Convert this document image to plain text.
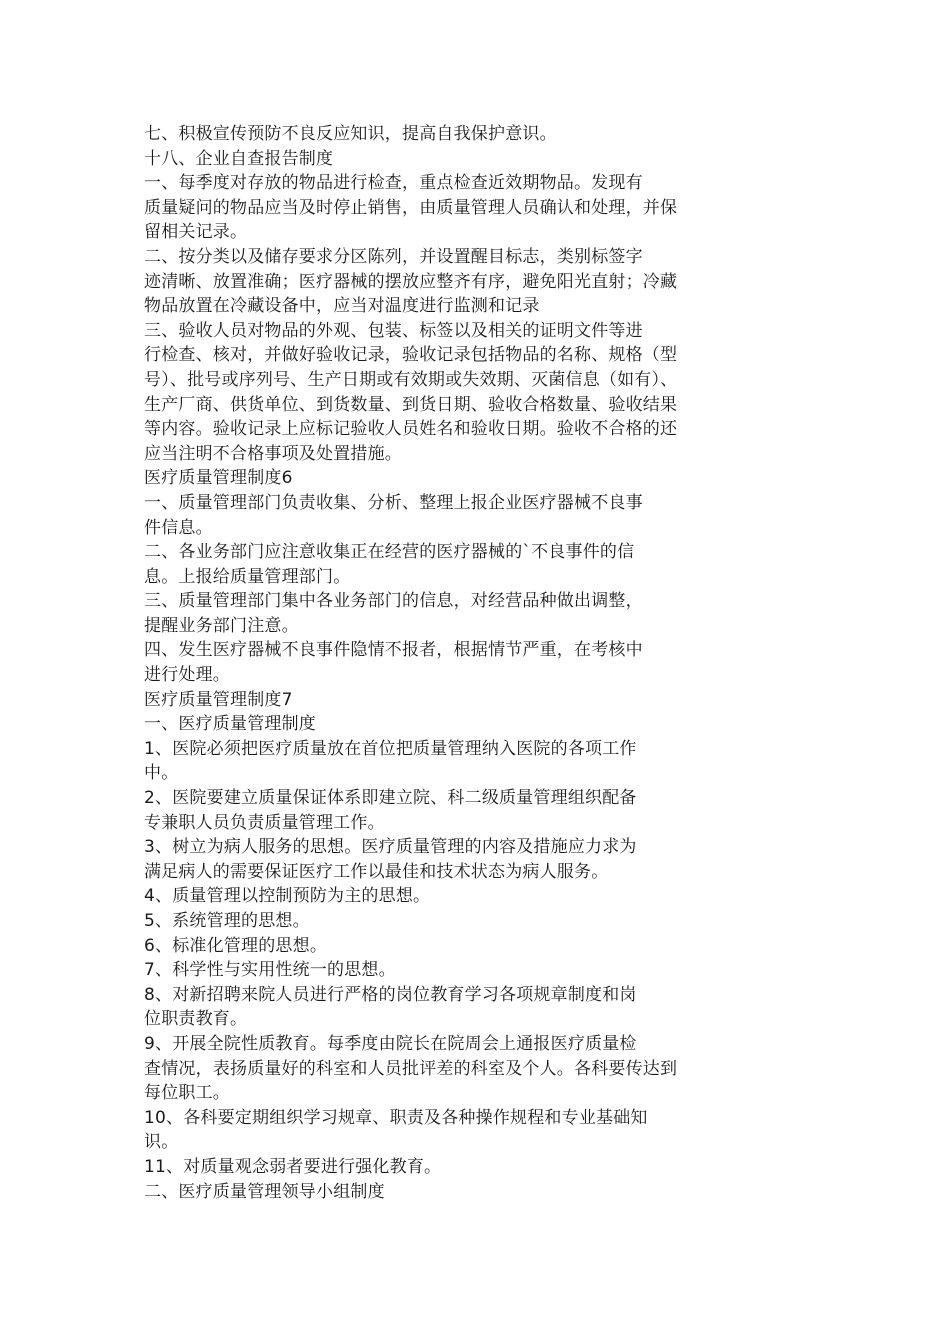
七、积极宣传预防不良反应知识，提高自我保护意识。
十八、企业自查报告制度
一、每季度对存放的物品进行检查，重点检查近效期物品。发现有
质量疑问的物品应当及时停止销售，由质量管理人员确认和处理，并保
留相关记录。
二、按分类以及储存要求分区陈列，并设置醒目标志，类别标签字
迹清晰、放置准确；医疗器械的摆放应整齐有序，避免阳光直射；冷藏
物品放置在冷藏设备中，应当对温度进行监测和记录
三、验收人员对物品的外观、包装、标签以及相关的证明文件等进
行检查、核对，并做好验收记录，验收记录包括物品的名称、规格（型
号）、批号或序列号、生产日期或有效期或失效期、灭菌信息（如有）、
生产厂商、供货单位、到货数量、到货日期、验收合格数量、验收结果
等内容。验收记录上应标记验收人员姓名和验收日期。验收不合格的还
应当注明不合格事项及处置措施。
医疗质量管理制度6
一、质量管理部门负责收集、分析、整理上报企业医疗器械不良事
件信息。
二、各业务部门应注意收集正在经营的医疗器械的`不良事件的信
息。上报给质量管理部门。
三、质量管理部门集中各业务部门的信息，对经营品种做出调整，
提醒业务部门注意。
四、发生医疗器械不良事件隐情不报者，根据情节严重，在考核中
进行处理。
医疗质量管理制度7
一、医疗质量管理制度
1、医院必须把医疗质量放在首位把质量管理纳入医院的各项工作
中。
2、医院要建立质量保证体系即建立院、科二级质量管理组织配备
专兼职人员负责质量管理工作。
3、树立为病人服务的思想。医疗质量管理的内容及措施应力求为
满足病人的需要保证医疗工作以最佳和技术状态为病人服务。
4、质量管理以控制预防为主的思想。
5、系统管理的思想。
6、标准化管理的思想。
7、科学性与实用性统一的思想。
8、对新招聘来院人员进行严格的岗位教育学习各项规章制度和岗
位职责教育。
9、开展全院性质教育。每季度由院长在院周会上通报医疗质量检
查情况，表扬质量好的科室和人员批评差的科室及个人。各科要传达到
每位职工。
10、各科要定期组织学习规章、职责及各种操作规程和专业基础知
识。
11、对质量观念弱者要进行强化教育。
二、医疗质量管理领导小组制度
